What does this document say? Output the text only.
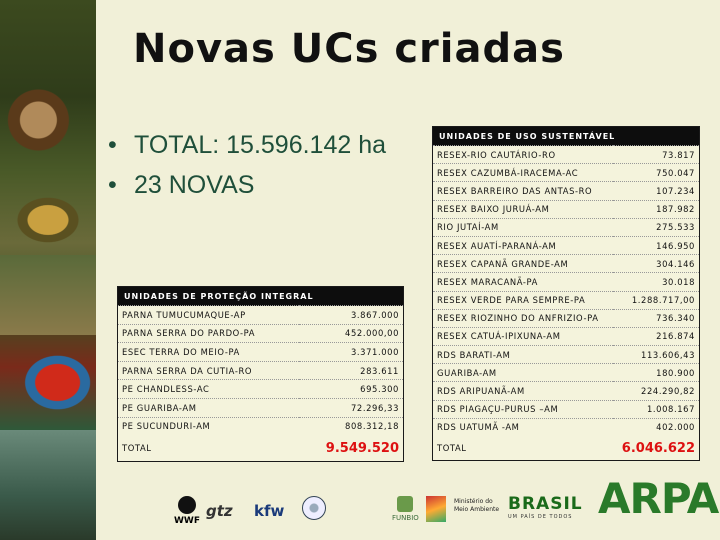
Novas UCs criadas
• TOTAL: 15.596.142 ha
• 23 NOVAS
UNIDADES DE PROTEÇÃO INTEGRAL	
PARNA TUMUCUMAQUE-AP	3.867.000
PARNA SERRA DO PARDO-PA	452.000,00
ESEC TERRA DO MEIO-PA	3.371.000
PARNA SERRA DA CUTIA-RO	283.611
PE CHANDLESS-AC	695.300
PE GUARIBA-AM	72.296,33
PE SUCUNDURI-AM	808.312,18
TOTAL	9.549.520
UNIDADES DE USO SUSTENTÁVEL	
RESEX-RIO CAUTÁRIO-RO	73.817
RESEX CAZUMBÁ-IRACEMA-AC	750.047
RESEX BARREIRO DAS ANTAS-RO	107.234
RESEX BAIXO JURUÁ-AM	187.982
RIO JUTAÍ-AM	275.533
RESEX AUATÍ-PARANÁ-AM	146.950
RESEX CAPANÃ GRANDE-AM	304.146
RESEX MARACANÃ-PA	30.018
RESEX VERDE PARA SEMPRE-PA	1.288.717,00
RESEX RIOZINHO DO ANFRIZIO-PA	736.340
RESEX CATUÁ-IPIXUNA-AM	216.874
RDS BARATI-AM	113.606,43
GUARIBA-AM	180.900
RDS ARIPUANÃ-AM	224.290,82
RDS PIAGAÇU-PURUS –AM	1.008.167
RDS UATUMÃ -AM	402.000
TOTAL	6.046.622
WWF
gtz kfw	FUNBIO
Ministério do Meio Ambiente BRASIL
UM PAÍS DE TODOS ARPA
